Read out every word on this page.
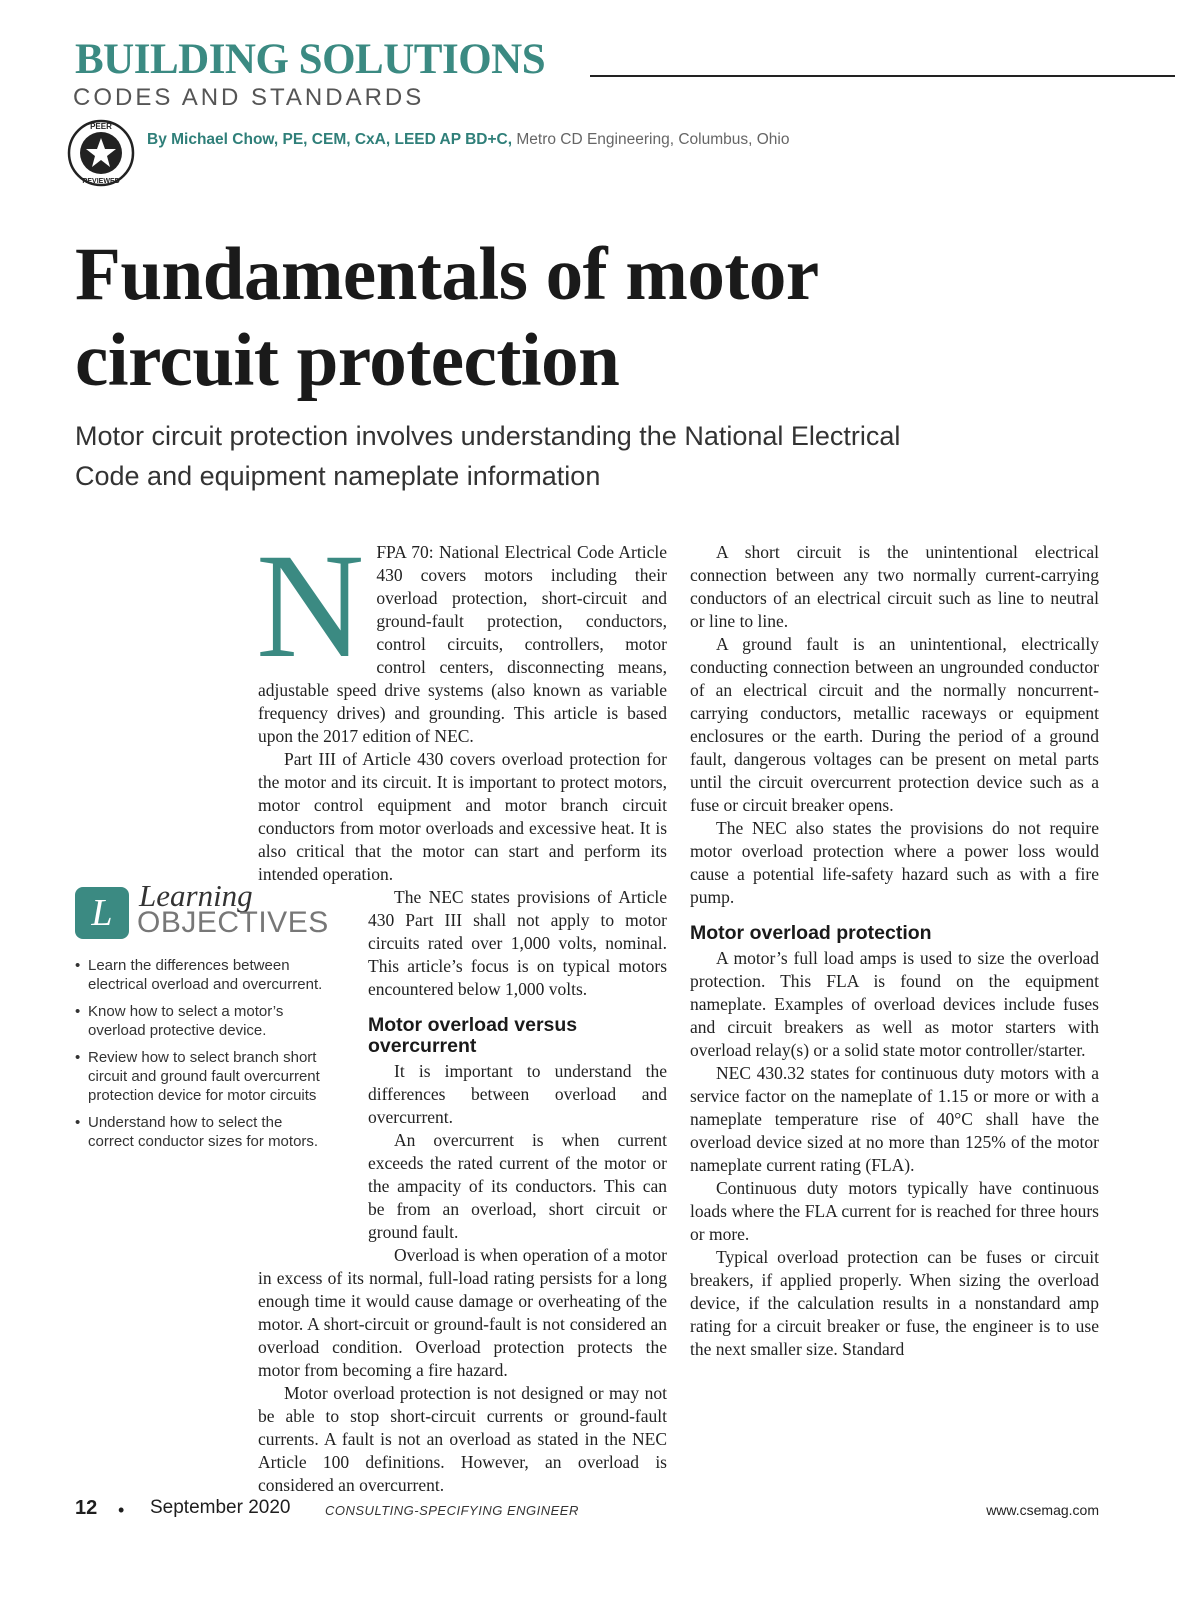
BUILDING SOLUTIONS
CODES AND STANDARDS
PEER
REVIEWED
By Michael Chow, PE, CEM, CxA, LEED AP BD+C, Metro CD Engineering, Columbus, Ohio
Fundamentals of motor
circuit protection
Motor circuit protection involves understanding the National Electrical
Code and equipment nameplate information
L Learning
OBJECTIVES
• Learn the differences between electrical overload and overcurrent.
• Know how to select a motor’s overload protective device.
• Review how to select branch short circuit and ground fault overcurrent protection device for motor circuits
• Understand how to select the correct conductor sizes for motors.
N FPA 70: National Electrical Code Article 430 covers motors including their overload protection, short-circuit and ground-fault protection, conductors, control circuits, controllers, motor control centers, disconnecting means, adjustable speed drive systems (also known as variable frequency drives) and grounding. This article is based upon the 2017 edition of NEC.

Part III of Article 430 covers overload protection for the motor and its circuit. It is important to protect motors, motor control equipment and motor branch circuit conductors from motor overloads and excessive heat. It is also critical that the motor can start and perform its intended operation.

The NEC states provisions of Article 430 Part III shall not apply to motor circuits rated over 1,000 volts, nominal. This article’s focus is on typical motors encountered below 1,000 volts.

Motor overload versus overcurrent

It is important to understand the differences between overload and overcurrent.

An overcurrent is when current exceeds the rated current of the motor or the ampacity of its conductors. This can be from an overload, short circuit or ground fault.

Overload is when operation of a motor in excess of its normal, full-load rating persists for a long enough time it would cause damage or overheating of the motor. A short-circuit or ground-fault is not considered an overload condition. Overload protection protects the motor from becoming a fire hazard.

Motor overload protection is not designed or may not be able to stop short-circuit currents or ground-fault currents. A fault is not an overload as stated in the NEC Article 100 definitions. However, an overload is considered an overcurrent.

A short circuit is the unintentional electrical connection between any two normally current-carrying conductors of an electrical circuit such as line to neutral or line to line.

A ground fault is an unintentional, electrically conducting connection between an ungrounded conductor of an electrical circuit and the normally noncurrent-carrying conductors, metallic raceways or equipment enclosures or the earth. During the period of a ground fault, dangerous voltages can be present on metal parts until the circuit overcurrent protection device such as a fuse or circuit breaker opens.

The NEC also states the provisions do not require motor overload protection where a power loss would cause a potential life-safety hazard such as with a fire pump.

Motor overload protection

A motor’s full load amps is used to size the overload protection. This FLA is found on the equipment nameplate. Examples of overload devices include fuses and circuit breakers as well as motor starters with overload relay(s) or a solid state motor controller/starter.

NEC 430.32 states for continuous duty motors with a service factor on the nameplate of 1.15 or more or with a nameplate temperature rise of 40°C shall have the overload device sized at no more than 125% of the motor nameplate current rating (FLA).

Continuous duty motors typically have continuous loads where the FLA current for is reached for three hours or more.

Typical overload protection can be fuses or circuit breakers, if applied properly. When sizing the overload device, if the calculation results in a nonstandard amp rating for a circuit breaker or fuse, the engineer is to use the next smaller size. Standard

12 • September 2020	CONSULTING-SPECIFYING ENGINEER	www.csemag.com
